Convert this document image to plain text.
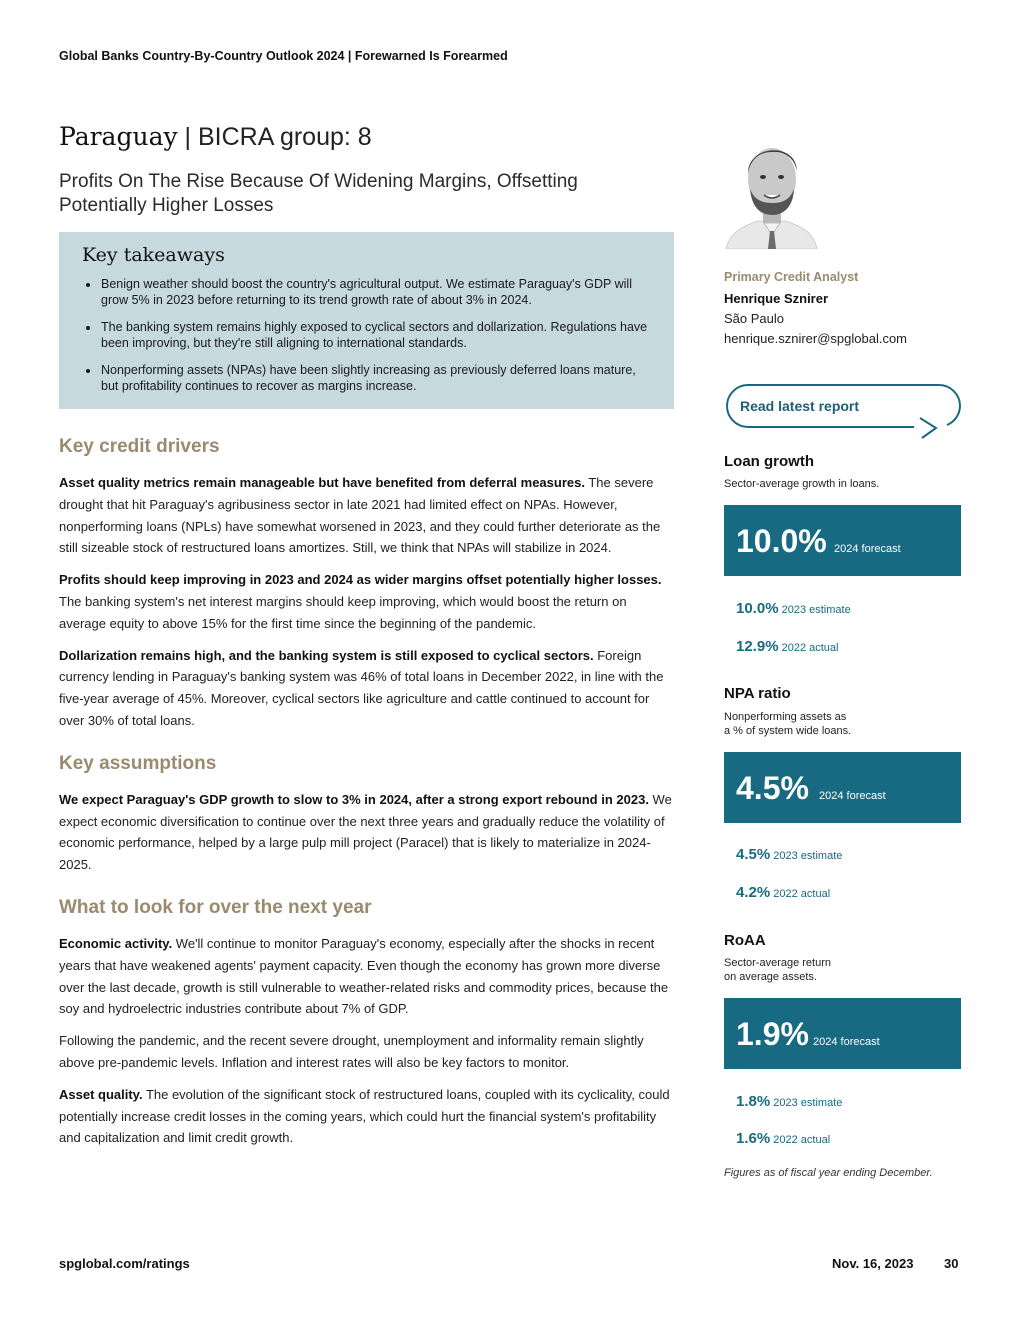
Global Banks Country-By-Country Outlook 2024 | Forewarned Is Forearmed
Paraguay | BICRA group: 8
Profits On The Rise Because Of Widening Margins, Offsetting Potentially Higher Losses
Key takeaways
• Benign weather should boost the country's agricultural output. We estimate Paraguay's GDP will grow 5% in 2023 before returning to its trend growth rate of about 3% in 2024.
• The banking system remains highly exposed to cyclical sectors and dollarization. Regulations have been improving, but they're still aligning to international standards.
• Nonperforming assets (NPAs) have been slightly increasing as previously deferred loans mature, but profitability continues to recover as margins increase.
Key credit drivers

Asset quality metrics remain manageable but have benefited from deferral measures. The severe drought that hit Paraguay's agribusiness sector in late 2021 had limited effect on NPAs. However, nonperforming loans (NPLs) have somewhat worsened in 2023, and they could further deteriorate as the still sizeable stock of restructured loans amortizes. Still, we think that NPAs will stabilize in 2024.

Profits should keep improving in 2023 and 2024 as wider margins offset potentially higher losses. The banking system's net interest margins should keep improving, which would boost the return on average equity to above 15% for the first time since the beginning of the pandemic.

Dollarization remains high, and the banking system is still exposed to cyclical sectors. Foreign currency lending in Paraguay's banking system was 46% of total loans in December 2022, in line with the five-year average of 45%. Moreover, cyclical sectors like agriculture and cattle continued to account for over 30% of total loans.

Key assumptions

We expect Paraguay's GDP growth to slow to 3% in 2024, after a strong export rebound in 2023. We expect economic diversification to continue over the next three years and gradually reduce the volatility of economic performance, helped by a large pulp mill project (Paracel) that is likely to materialize in 2024-2025.

What to look for over the next year

Economic activity. We'll continue to monitor Paraguay's economy, especially after the shocks in recent years that have weakened agents' payment capacity. Even though the economy has grown more diverse over the last decade, growth is still vulnerable to weather-related risks and commodity prices, because the soy and hydroelectric industries contribute about 7% of GDP.

Following the pandemic, and the recent severe drought, unemployment and informality remain slightly above pre-pandemic levels. Inflation and interest rates will also be key factors to monitor.

Asset quality. The evolution of the significant stock of restructured loans, coupled with its cyclicality, could potentially increase credit losses in the coming years, which could hurt the financial system's profitability and capitalization and limit credit growth.

Primary Credit Analyst
Henrique Sznirer
São Paulo
henrique.sznirer@spglobal.com
Read latest report
Loan growth
Sector-average growth in loans.
10.0% 2024 forecast
10.0% 2023 estimate
12.9% 2022 actual
NPA ratio
Nonperforming assets as
a % of system wide loans.
4.5% 2024 forecast
4.5% 2023 estimate
4.2% 2022 actual
RoAA
Sector-average return
on average assets.
1.9% 2024 forecast
1.8% 2023 estimate
1.6% 2022 actual
Figures as of fiscal year ending December.
spglobal.com/ratings	Nov. 16, 2023 30
